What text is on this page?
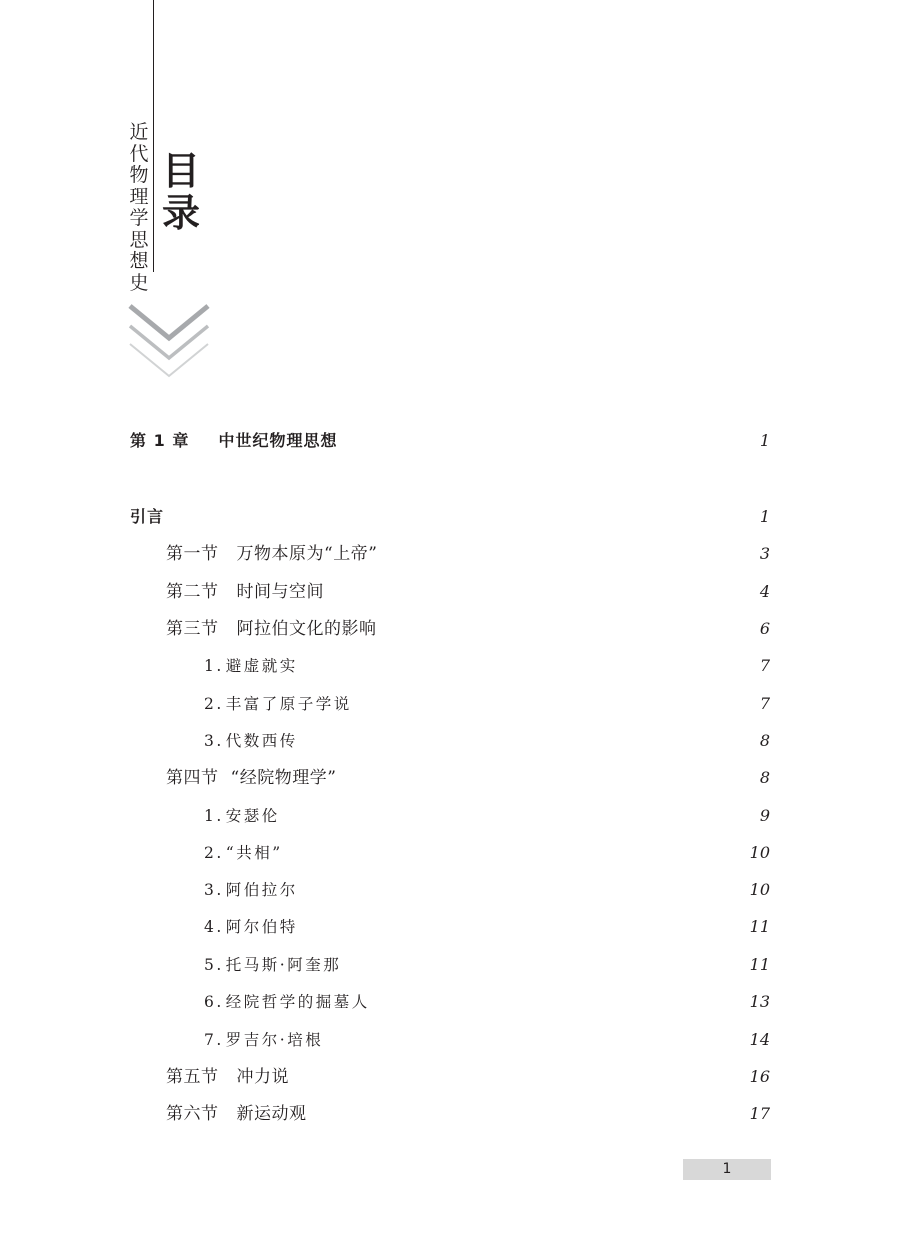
近代物理学思想史
目录
第 1 章 中世纪物理思想	1
引言	1
第一节 万物本原为“上帝”	3
第二节 时间与空间	4
第三节 阿拉伯文化的影响	6
1. 避虚就实	7
2. 丰富了原子学说	7
3. 代数西传	8
第四节 “经院物理学”	8
1. 安瑟伦	9
2. “共相”	10
3. 阿伯拉尔	10
4. 阿尔伯特	11
5. 托马斯·阿奎那	11
6. 经院哲学的掘墓人	13
7. 罗吉尔·培根	14
第五节 冲力说	16
第六节 新运动观	17
1
